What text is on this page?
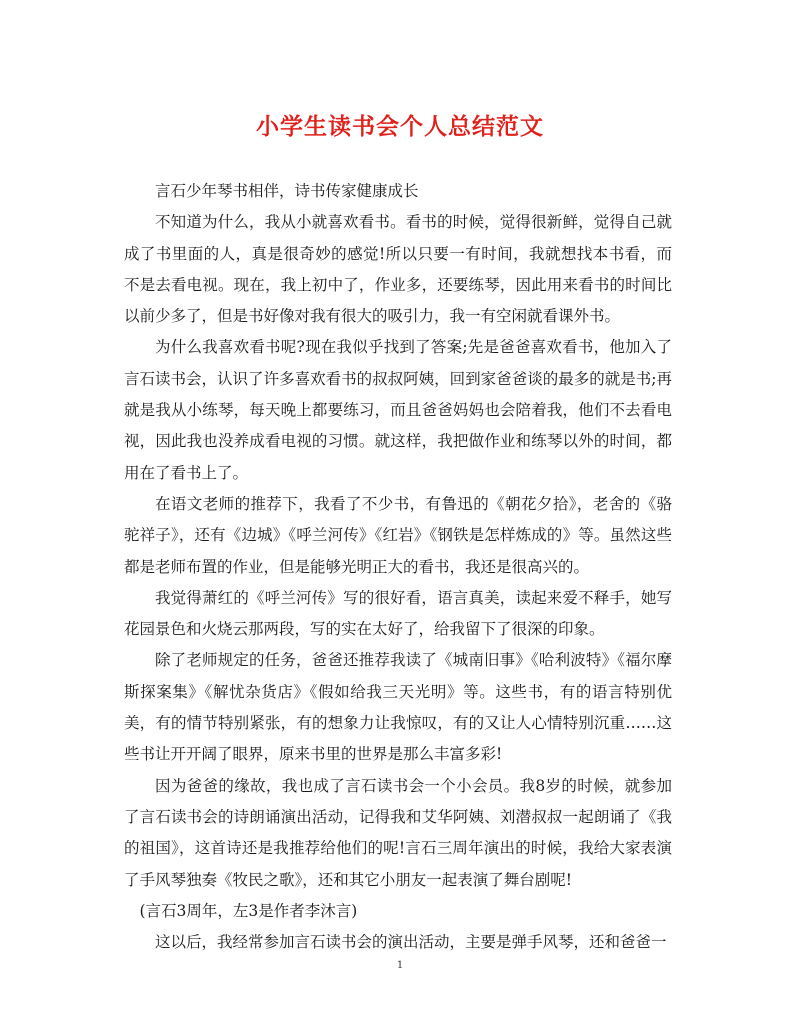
小学生读书会个人总结范文

言石少年琴书相伴，诗书传家健康成长

不知道为什么，我从小就喜欢看书。看书的时候，觉得很新鲜，觉得自己就成了书里面的人，真是很奇妙的感觉!所以只要一有时间，我就想找本书看，而不是去看电视。现在，我上初中了，作业多，还要练琴，因此用来看书的时间比以前少多了，但是书好像对我有很大的吸引力，我一有空闲就看课外书。

为什么我喜欢看书呢?现在我似乎找到了答案;先是爸爸喜欢看书，他加入了言石读书会，认识了许多喜欢看书的叔叔阿姨，回到家爸爸谈的最多的就是书;再就是我从小练琴，每天晚上都要练习，而且爸爸妈妈也会陪着我，他们不去看电视，因此我也没养成看电视的习惯。就这样，我把做作业和练琴以外的时间，都用在了看书上了。

在语文老师的推荐下，我看了不少书，有鲁迅的《朝花夕拾》，老舍的《骆驼祥子》，还有《边城》《呼兰河传》《红岩》《钢铁是怎样炼成的》等。虽然这些都是老师布置的作业，但是能够光明正大的看书，我还是很高兴的。

我觉得萧红的《呼兰河传》写的很好看，语言真美，读起来爱不释手，她写花园景色和火烧云那两段，写的实在太好了，给我留下了很深的印象。

除了老师规定的任务，爸爸还推荐我读了《城南旧事》《哈利波特》《福尔摩斯探案集》《解忧杂货店》《假如给我三天光明》等。这些书，有的语言特别优美，有的情节特别紧张，有的想象力让我惊叹，有的又让人心情特别沉重……这些书让开开阔了眼界，原来书里的世界是那么丰富多彩!

因为爸爸的缘故，我也成了言石读书会一个小会员。我8岁的时候，就参加了言石读书会的诗朗诵演出活动，记得我和艾华阿姨、刘潜叔叔一起朗诵了《我的祖国》，这首诗还是我推荐给他们的呢!言石三周年演出的时候，我给大家表演了手风琴独奏《牧民之歌》，还和其它小朋友一起表演了舞台剧呢!

(言石3周年，左3是作者李沐言)

这以后，我经常参加言石读书会的演出活动，主要是弹手风琴，还和爸爸一

1
